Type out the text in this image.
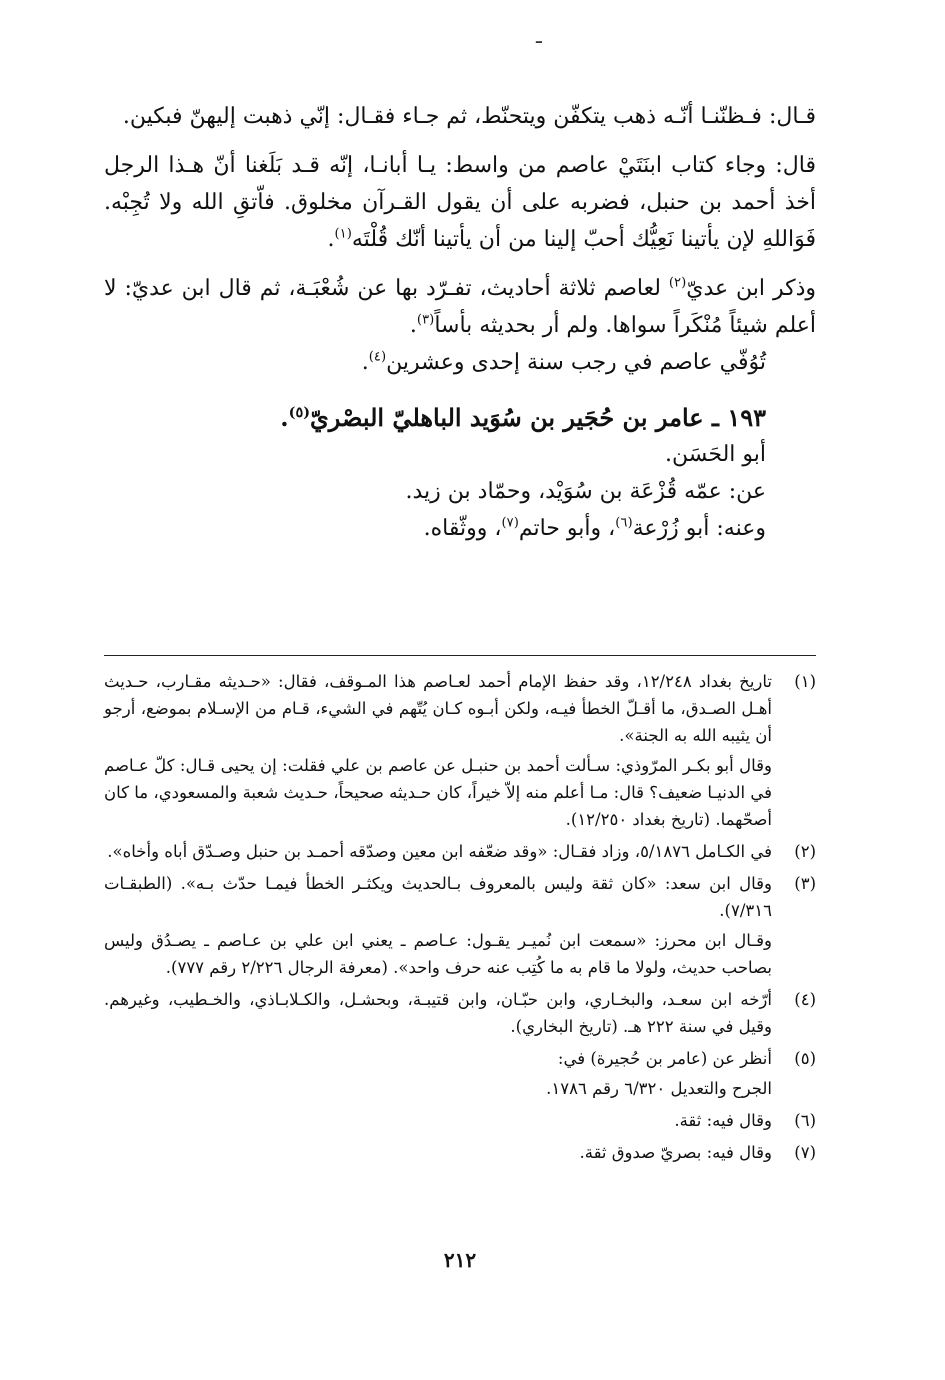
ـ

قـال: فـظنّنـا أنّـه ذهب يتكفّن ويتحنّط، ثم جـاء فقـال: إنّي ذهبت إليهنّ فبكين.

قال: وجاء كتاب ابنَتَيْ عاصم من واسط: يـا أبانـا، إنّه قـد بَلَغنا أنّ هـذا الرجل أخذ أحمد بن حنبل، فضربه على أن يقول القـرآن مخلوق. فاّتقِ الله ولا تُجِبْه. فَوَاللهِ لإن يأتينا نَعِيُّك أحبّ إلينا من أن يأتينا أنّك قُلْتَه$^{(١)}$.

وذكر ابن عديّ$^{(٢)}$ لعاصم ثلاثة أحاديث، تفـرّد بها عن شُعْبَـة، ثم قال ابن عديّ: لا أعلم شيئاً مُنْكَراً سواها. ولم أر بحديثه بأساً$^{(٣)}$.

تُوُفّي عاصم في رجب سنة إحدى وعشرين$^{(٤)}$.

١٩٣ ـ عامر بن حُجَير بن سُوَيد الباهليّ البصْريّ$^{(٥)}$.

أبو الحَسَن.

عن: عمّه قُزْعَة بن سُوَيْد، وحمّاد بن زيد.

وعنه: أبو زُرْعة$^{(٦)}$، وأبو حاتم$^{(٧)}$، ووثّقاه.

(١)

تاريخ بغداد ١٢/٢٤٨، وقد حفظ الإمام أحمد لعـاصم هذا المـوقف، فقال: «حـديثه مقـارب، حـديث أهـل الصـدق، ما أقـلّ الخطأ فيـه، ولكن أبـوه كـان يُتّهم في الشيء، قـام من الإسـلام بموضع، أرجو أن يثيبه الله به الجنة».

وقال أبو بكـر المرّوذي: سـألت أحمد بن حنبـل عن عاصم بن علي فقلت: إن يحيى قـال: كلّ عـاصم في الدنيـا ضعيف؟ قال: مـا أعلم منه إلاّ خيراً، كان حـديثه صحيحاً، حـديث شعبة والمسعودي، ما كان أصحّهما. (تاريخ بغداد ١٢/٢٥٠).

(٢)

في الكـامل ٥/١٨٧٦، وزاد فقـال: «وقد ضعّفه ابن معين وصدّقه أحمـد بن حنبل وصـدّق أباه وأخاه».

(٣)

وقال ابن سعد: «كان ثقة وليس بالمعروف بـالحديث ويكثـر الخطأ فيمـا حدّث بـه». (الطبقـات ٧/٣١٦).

وقـال ابن محرز: «سمعت ابن نُميـر يقـول: عـاصم ـ يعني ابن علي بن عـاصم ـ يصـدُق وليس بصاحب حديث، ولولا ما قام به ما كُتِب عنه حرف واحد». (معرفة الرجال ٢/٢٢٦ رقم ٧٧٧).

(٤)

أرّخه ابن سعـد، والبخـاري، وابن حبّـان، وابن قتيبـة، وبحشـل، والكـلابـاذي، والخـطيب، وغيرهم. وقيل في سنة ٢٢٢ هـ. (تاريخ البخاري).

(٥)

أنظر عن (عامر بن حُجيرة) في:

الجرح والتعديل ٦/٣٢٠ رقم ١٧٨٦.

(٦)

وقال فيه: ثقة.

(٧)

وقال فيه: بصريّ صدوق ثقة.

٢١٢
